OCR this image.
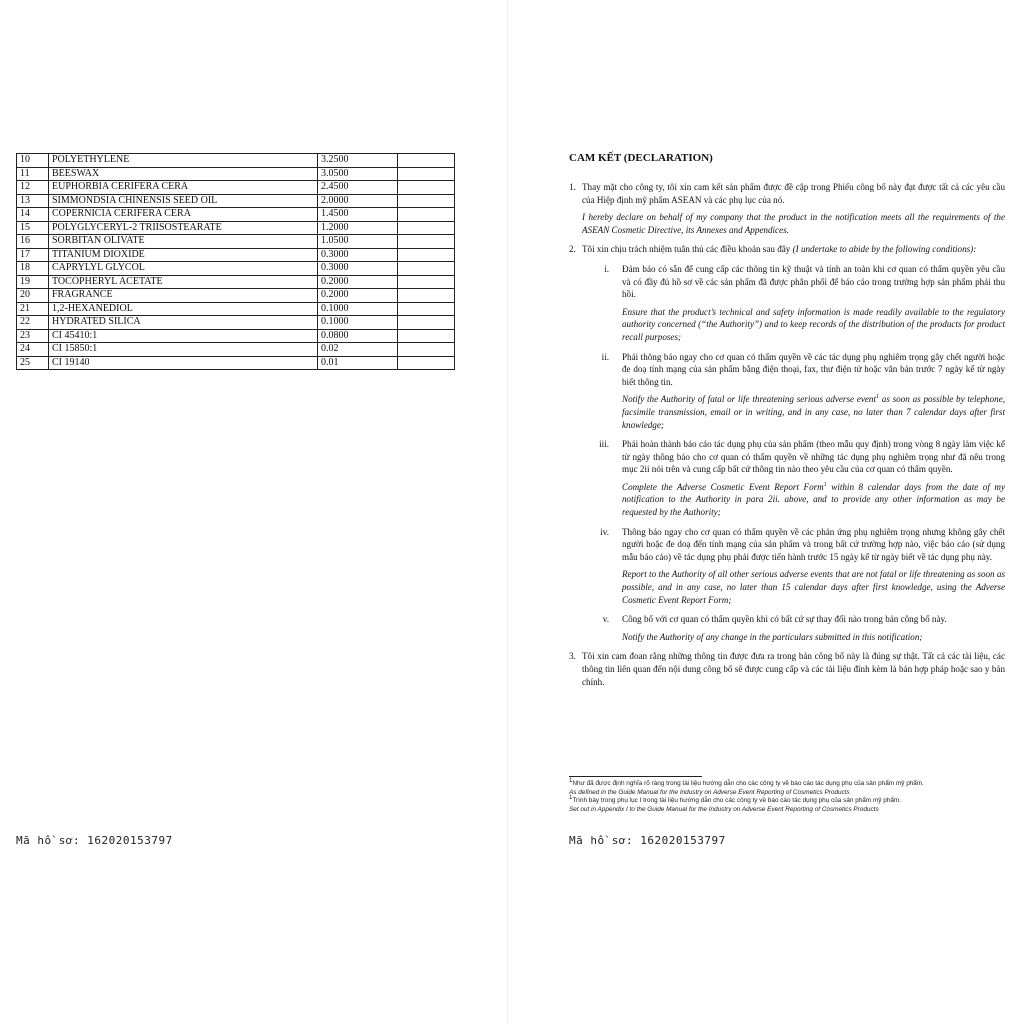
10	POLYETHYLENE	3.2500	
11	BEESWAX	3.0500	
12	EUPHORBIA CERIFERA CERA	2.4500	
13	SIMMONDSIA CHINENSIS SEED OIL	2.0000	
14	COPERNICIA CERIFERA CERA	1.4500	
15	POLYGLYCERYL-2 TRIISOSTEARATE	1.2000	
16	SORBITAN OLIVATE	1.0500	
17	TITANIUM DIOXIDE	0.3000	
18	CAPRYLYL GLYCOL	0.3000	
19	TOCOPHERYL ACETATE	0.2000	
20	FRAGRANCE	0.2000	
21	1,2-HEXANEDIOL	0.1000	
22	HYDRATED SILICA	0.1000	
23	CI 45410:1	0.0800	
24	CI 15850:1	0.02	
25	CI 19140	0.01	
Mã hồ sơ: 162020153797
CAM KẾT (DECLARATION)
1. Thay mặt cho công ty, tôi xin cam kết sản phẩm được đề cập trong Phiếu công bố này đạt được tất cả các yêu cầu của Hiệp định mỹ phẩm ASEAN và các phụ lục của nó.
I hereby declare on behalf of my company that the product in the notification meets all the requirements of the ASEAN Cosmetic Directive, its Annexes and Appendices.
2. Tôi xin chịu trách nhiệm tuân thủ các điều khoản sau đây (I undertake to abide by the following conditions):
i. Đảm bảo có sẵn để cung cấp các thông tin kỹ thuật và tính an toàn khi cơ quan có thẩm quyền yêu cầu và có đầy đủ hồ sơ về các sản phẩm đã được phân phối để báo cáo trong trường hợp sản phẩm phải thu hồi.
Ensure that the product’s technical and safety information is made readily available to the regulatory authority concerned (“the Authority”) and to keep records of the distribution of the products for product recall purposes;
ii. Phải thông báo ngay cho cơ quan có thẩm quyền về các tác dụng phụ nghiêm trọng gây chết người hoặc đe doạ tính mạng của sản phẩm bằng điện thoại, fax, thư điện tử hoặc văn bản trước 7 ngày kể từ ngày biết thông tin.
Notify the Authority of fatal or life threatening serious adverse event$^1$ as soon as possible by telephone, facsimile transmission, email or in writing, and in any case, no later than 7 calendar days after first knowledge;
iii. Phải hoàn thành báo cáo tác dụng phụ của sản phẩm (theo mẫu quy định) trong vòng 8 ngày làm việc kể từ ngày thông báo cho cơ quan có thẩm quyền về những tác dụng phụ nghiêm trọng như đã nêu trong mục 2ii nói trên và cung cấp bất cứ thông tin nào theo yêu cầu của cơ quan có thẩm quyền.
Complete the Adverse Cosmetic Event Report Form$^1$ within 8 calendar days from the date of my notification to the Authority in para 2ii. above, and to provide any other information as may be requested by the Authority;
iv. Thông báo ngay cho cơ quan có thẩm quyền về các phản ứng phụ nghiêm trọng nhưng không gây chết người hoặc đe doạ đến tính mạng của sản phẩm và trong bất cứ trường hợp nào, việc báo cáo (sử dụng mẫu báo cáo) về tác dụng phụ phải được tiến hành trước 15 ngày kể từ ngày biết về tác dụng phụ này.
Report to the Authority of all other serious adverse events that are not fatal or life threatening as soon as possible, and in any case, no later than 15 calendar days after first knowledge, using the Adverse Cosmetic Event Report Form;
v. Công bố với cơ quan có thẩm quyền khi có bất cứ sự thay đổi nào trong bản công bố này.
Notify the Authority of any change in the particulars submitted in this notification;
3. Tôi xin cam đoan rằng những thông tin được đưa ra trong bản công bố này là đúng sự thật. Tất cả các tài liệu, các thông tin liên quan đến nội dung công bố sẽ được cung cấp và các tài liệu đính kèm là bản hợp pháp hoặc sao y bản chính.
$^1$Như đã được định nghĩa rõ ràng trong tài liệu hướng dẫn cho các công ty về báo cáo tác dụng phụ của sản phẩm mỹ phẩm.
As defined in the Guide Manual for the Industry on Adverse Event Reporting of Cosmetics Products
$^1$Trình bày trong phụ lục I trong tài liệu hướng dẫn cho các công ty về báo cáo tác dụng phụ của sản phẩm mỹ phẩm.
Set out in Appendix I to the Guide Manual for the Industry on Adverse Event Reporting of Cosmetics Products
Mã hồ sơ: 162020153797
